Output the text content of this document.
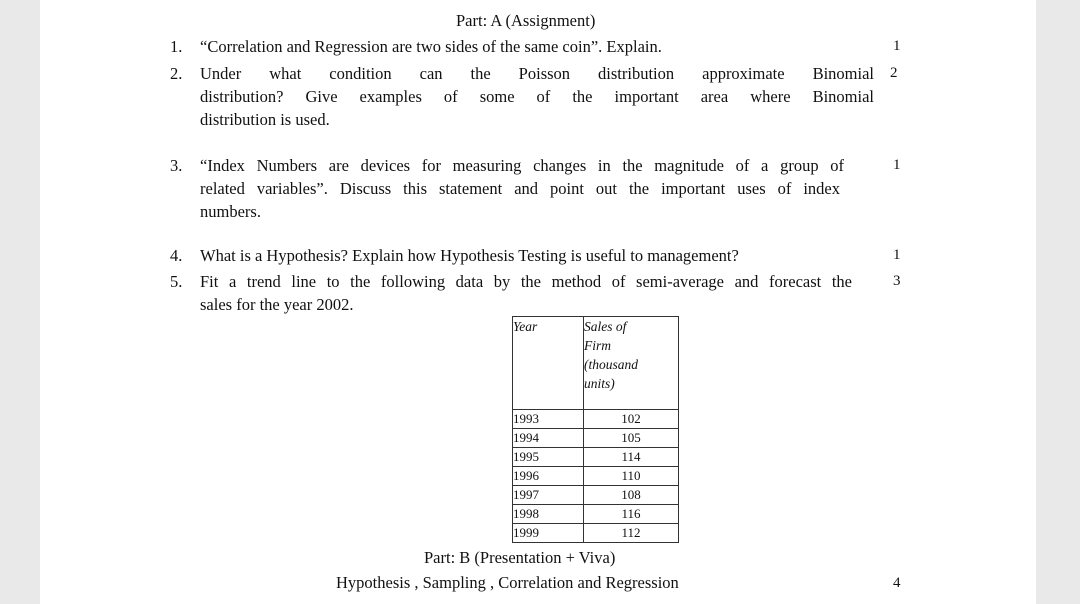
Part: A (Assignment)
1. “Correlation and Regression are two sides of the same coin”. Explain.	1
2. Under what condition can the Poisson distribution approximate Binomial
distribution? Give examples of some of the important area where Binomial
distribution is used.
2
3. “Index Numbers are devices for measuring changes in the magnitude of a group of
related variables”. Discuss this statement and point out the important uses of index
numbers.
1
4. What is a Hypothesis? Explain how Hypothesis Testing is useful to management?	1
5. Fit a trend line to the following data by the method of semi-average and forecast the
sales for the year 2002.
3
Year	Sales of
Firm
(thousand
units)

1993	102
1994	105
1995	114
1996	110
1997	108
1998	116
1999	112
Part: B (Presentation + Viva)
Hypothesis , Sampling , Correlation and Regression	4
